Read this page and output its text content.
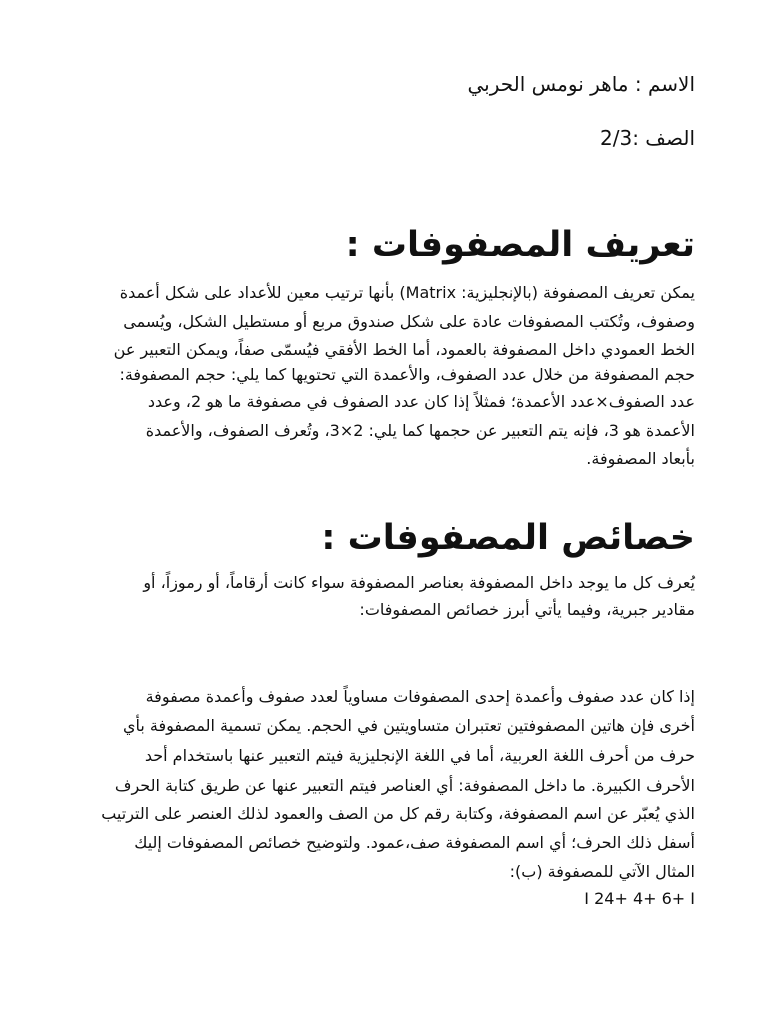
الاسم : ماهر نومس الحربي
الصف :2/3
تعريف المصفوفات :
يمكن تعريف المصفوفة (بالإنجليزية: Matrix) بأنها ترتيب معين للأعداد على شكل أعمدة
وصفوف، وتُكتب المصفوفات عادة على شكل صندوق مربع أو مستطيل الشكل، ويُسمى
الخط العمودي داخل المصفوفة بالعمود، أما الخط الأفقي فيُسمّى صفاً، ويمكن التعبير عن
حجم المصفوفة من خلال عدد الصفوف، والأعمدة التي تحتويها كما يلي: حجم المصفوفة:
عدد الصفوف×عدد الأعمدة؛ فمثلاً إذا كان عدد الصفوف في مصفوفة ما هو 2، وعدد
الأعمدة هو 3، فإنه يتم التعبير عن حجمها كما يلي: 2×3، وتُعرف الصفوف، والأعمدة
بأبعاد المصفوفة.
خصائص المصفوفات :
يُعرف كل ما يوجد داخل المصفوفة بعناصر المصفوفة سواء كانت أرقاماً، أو رموزاً، أو
مقادير جبرية، وفيما يأتي أبرز خصائص المصفوفات:
إذا كان عدد صفوف وأعمدة إحدى المصفوفات مساوياً لعدد صفوف وأعمدة مصفوفة
أخرى فإن هاتين المصفوفتين تعتبران متساويتين في الحجم. يمكن تسمية المصفوفة بأي
حرف من أحرف اللغة العربية، أما في اللغة الإنجليزية فيتم التعبير عنها باستخدام أحد
الأحرف الكبيرة. ما داخل المصفوفة: أي العناصر فيتم التعبير عنها عن طريق كتابة الحرف
الذي يُعبّر عن اسم المصفوفة، وكتابة رقم كل من الصف والعمود لذلك العنصر على الترتيب
أسفل ذلك الحرف؛ أي اسم المصفوفة صف،عمود. ولتوضيح خصائص المصفوفات إليك
المثال الآتي للمصفوفة (ب):
I 24+ 4+ 6+ I
